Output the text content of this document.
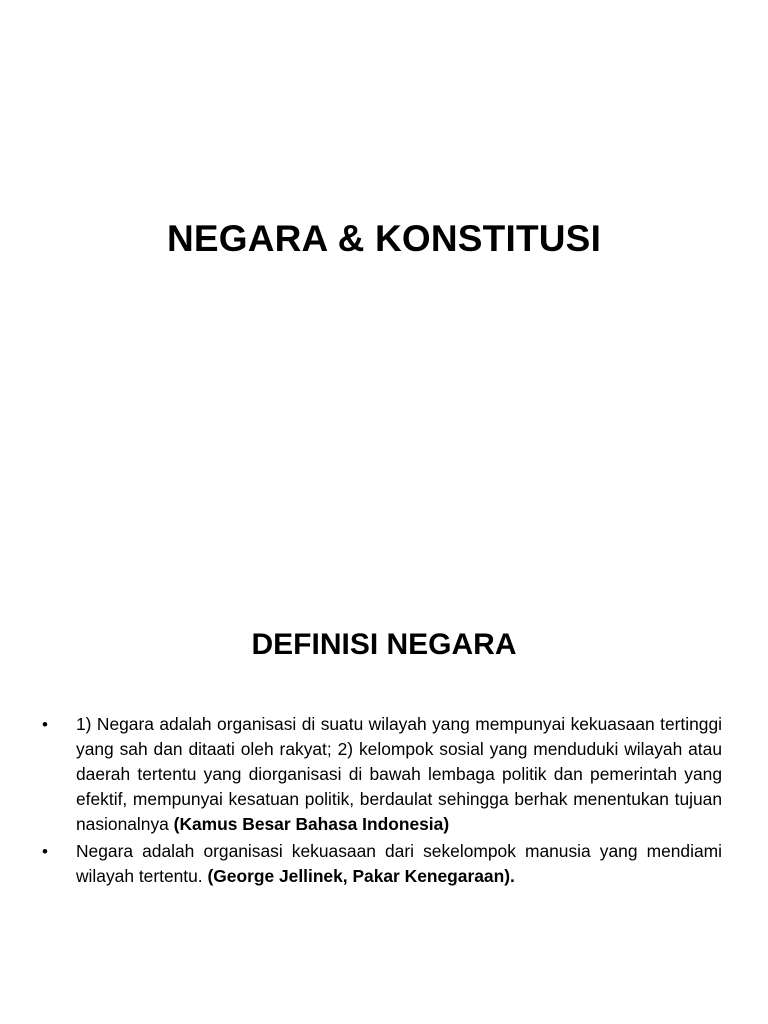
NEGARA & KONSTITUSI
DEFINISI NEGARA
• 1) Negara adalah organisasi di suatu wilayah yang mempunyai kekuasaan tertinggi yang sah dan ditaati oleh rakyat; 2) kelompok sosial yang menduduki wilayah atau daerah tertentu yang diorganisasi di bawah lembaga politik dan pemerintah yang efektif, mempunyai kesatuan politik, berdaulat sehingga berhak menentukan tujuan nasionalnya (Kamus Besar Bahasa Indonesia)
• Negara adalah organisasi kekuasaan dari sekelompok manusia yang mendiami wilayah tertentu. (George Jellinek, Pakar Kenegaraan).
